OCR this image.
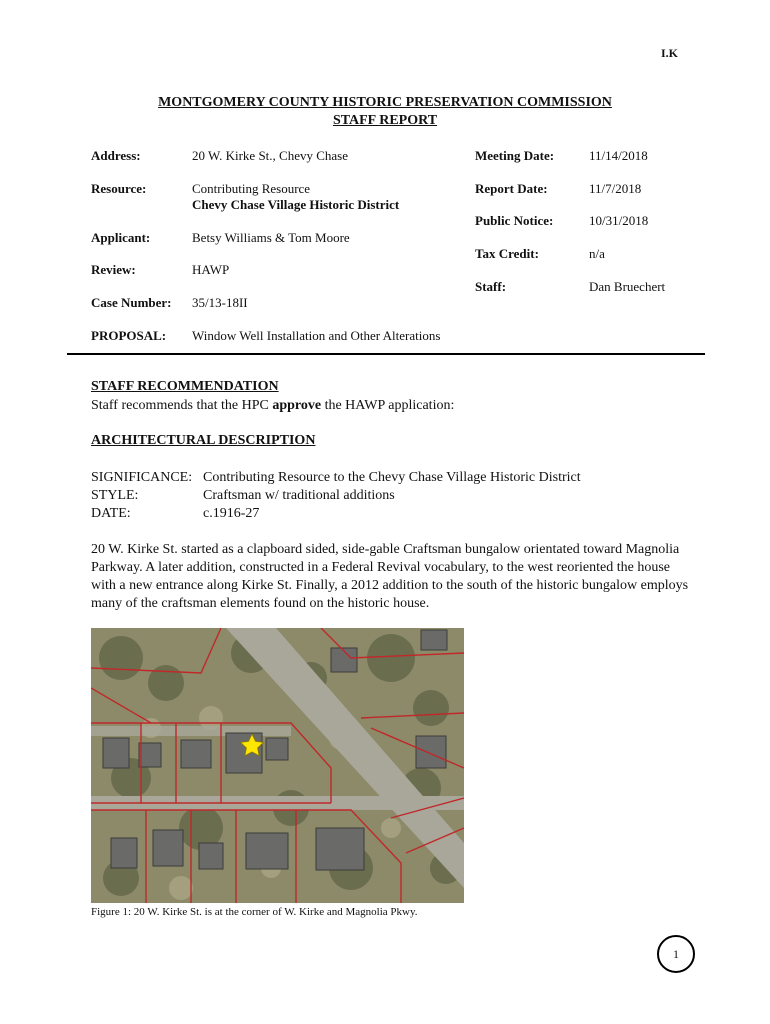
I.K
MONTGOMERY COUNTY HISTORIC PRESERVATION COMMISSION
STAFF REPORT
Address:	20 W. Kirke St., Chevy Chase
Resource:	Contributing Resource
Chevy Chase Village Historic District
Applicant:	Betsy Williams & Tom Moore
Review:	HAWP
Case Number: 35/13-18II
PROPOSAL: Window Well Installation and Other Alterations
Meeting Date:	11/14/2018
Report Date:	11/7/2018
Public Notice:	10/31/2018
Tax Credit:	n/a
Staff:	Dan Bruechert
STAFF RECOMMENDATION
Staff recommends that the HPC approve the HAWP application:
ARCHITECTURAL DESCRIPTION
SIGNIFICANCE: Contributing Resource to the Chevy Chase Village Historic District
STYLE:	Craftsman w/ traditional additions
DATE:	c.1916-27
20 W. Kirke St. started as a clapboard sided, side-gable Craftsman bungalow orientated toward Magnolia Parkway. A later addition, constructed in a Federal Revival vocabulary, to the west reoriented the house with a new entrance along Kirke St. Finally, a 2012 addition to the south of the historic bungalow employs many of the craftsman elements found on the historic house.
Figure 1: 20 W. Kirke St. is at the corner of W. Kirke and Magnolia Pkwy.
1
